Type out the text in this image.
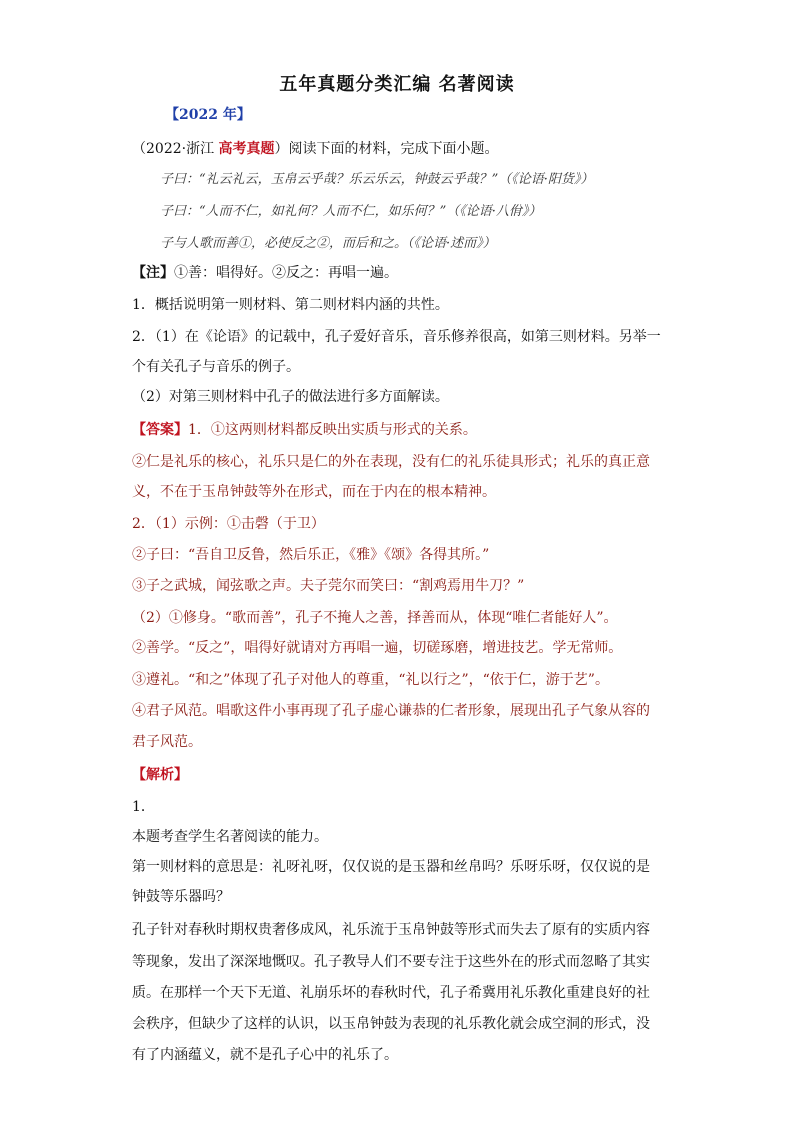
五年真题分类汇编 名著阅读
【2022 年】
（2022·浙江 高考真题）阅读下面的材料，完成下面小题。
子曰：“礼云礼云，玉帛云乎哉？乐云乐云，钟鼓云乎哉？”（《论语·阳货》）
子曰：“人而不仁，如礼何？人而不仁，如乐何？”（《论语·八佾》）
子与人歌而善①，必使反之②，而后和之。（《论语·述而》）
【注】①善：唱得好。②反之：再唱一遍。
1．概括说明第一则材料、第二则材料内涵的共性。
2．（1）在《论语》的记载中，孔子爱好音乐，音乐修养很高，如第三则材料。另举一
个有关孔子与音乐的例子。
（2）对第三则材料中孔子的做法进行多方面解读。
【答案】1．①这两则材料都反映出实质与形式的关系。
②仁是礼乐的核心，礼乐只是仁的外在表现，没有仁的礼乐徒具形式；礼乐的真正意
义，不在于玉帛钟鼓等外在形式，而在于内在的根本精神。
2．（1）示例：①击磬（于卫）
②子曰：“吾自卫反鲁，然后乐正，《雅》《颂》各得其所。”
③子之武城，闻弦歌之声。夫子莞尔而笑曰：“割鸡焉用牛刀？”
（2）①修身。“歌而善”，孔子不掩人之善，择善而从，体现“唯仁者能好人”。
②善学。“反之”，唱得好就请对方再唱一遍，切磋琢磨，增进技艺。学无常师。
③遵礼。“和之”体现了孔子对他人的尊重，“礼以行之”，“依于仁，游于艺”。
④君子风范。唱歌这件小事再现了孔子虚心谦恭的仁者形象，展现出孔子气象从容的
君子风范。
【解析】
1．
本题考查学生名著阅读的能力。
第一则材料的意思是：礼呀礼呀，仅仅说的是玉器和丝帛吗？乐呀乐呀，仅仅说的是
钟鼓等乐器吗？
孔子针对春秋时期权贵奢侈成风，礼乐流于玉帛钟鼓等形式而失去了原有的实质内容
等现象，发出了深深地慨叹。孔子教导人们不要专注于这些外在的形式而忽略了其实
质。在那样一个天下无道、礼崩乐坏的春秋时代，孔子希冀用礼乐教化重建良好的社
会秩序，但缺少了这样的认识，以玉帛钟鼓为表现的礼乐教化就会成空洞的形式，没
有了内涵蕴义，就不是孔子心中的礼乐了。
